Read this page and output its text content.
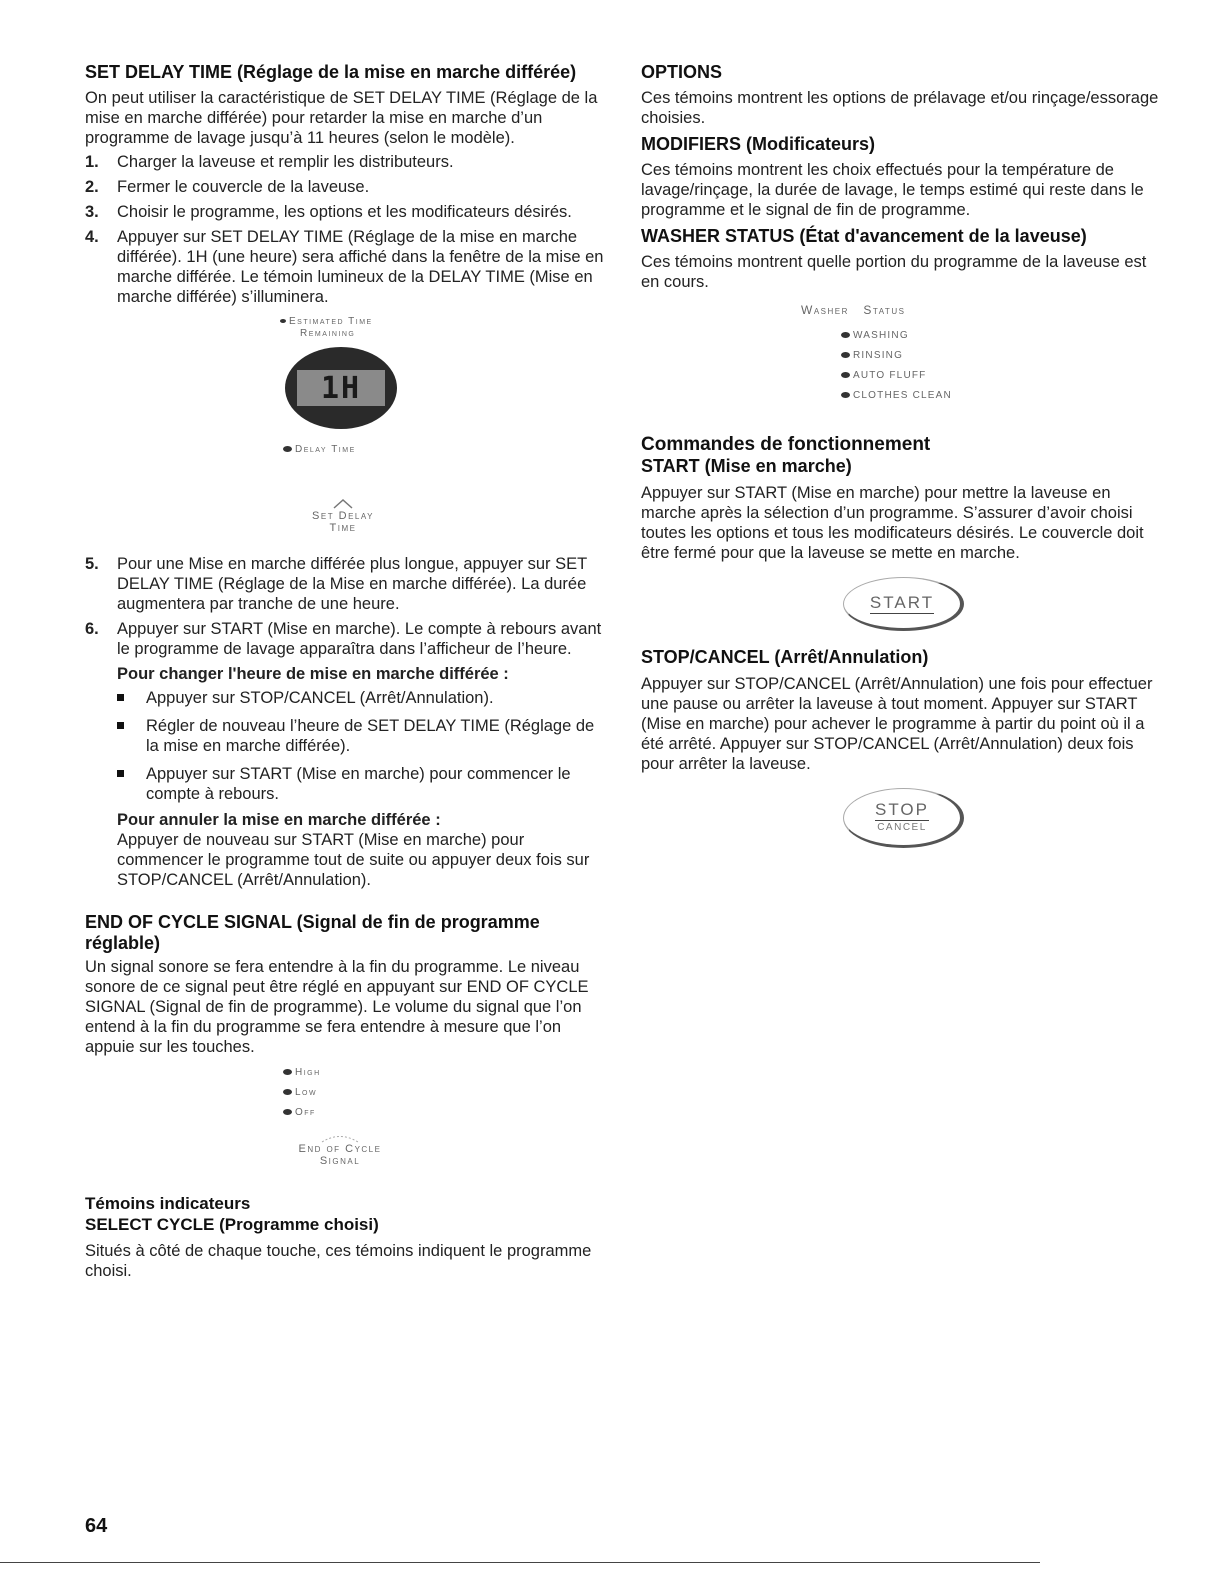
SET DELAY TIME (Réglage de la mise en marche différée)

On peut utiliser la caractéristique de SET DELAY TIME (Réglage de la mise en marche différée) pour retarder la mise en marche d’un programme de lavage jusqu’à 11 heures (selon le modèle).

1. Charger la laveuse et remplir les distributeurs.
2. Fermer le couvercle de la laveuse.
3. Choisir le programme, les options et les modificateurs désirés.
4. Appuyer sur SET DELAY TIME (Réglage de la mise en marche différée). 1H (une heure) sera affiché dans la fenêtre de la mise en marche différée. Le témoin lumineux de la DELAY TIME (Mise en marche différée) s’illuminera.
Estimated Time
Remaining
1H
Delay Time
Set Delay
Time
5. Pour une Mise en marche différée plus longue, appuyer sur SET DELAY TIME (Réglage de la Mise en marche différée). La durée augmentera par tranche de une heure.
6. Appuyer sur START (Mise en marche). Le compte à rebours avant le programme de lavage apparaîtra dans l’afficheur de l’heure.
Pour changer l'heure de mise en marche différée :
Appuyer sur STOP/CANCEL (Arrêt/Annulation).
Régler de nouveau l’heure de SET DELAY TIME (Réglage de la mise en marche différée).
Appuyer sur START (Mise en marche) pour commencer le compte à rebours.
Pour annuler la mise en marche différée :

Appuyer de nouveau sur START (Mise en marche) pour commencer le programme tout de suite ou appuyer deux fois sur STOP/CANCEL (Arrêt/Annulation).

END OF CYCLE SIGNAL (Signal de fin de programme réglable)

Un signal sonore se fera entendre à la fin du programme. Le niveau sonore de ce signal peut être réglé en appuyant sur END OF CYCLE SIGNAL (Signal de fin de programme). Le volume du signal que l’on entend à la fin du programme se fera entendre à mesure que l’on appuie sur les touches.

High
Low
Off
End of Cycle
Signal
Témoins indicateurs
SELECT CYCLE (Programme choisi)

Situés à côté de chaque touche, ces témoins indiquent le programme choisi.

OPTIONS

Ces témoins montrent les options de prélavage et/ou rinçage/essorage choisies.

MODIFIERS (Modificateurs)

Ces témoins montrent les choix effectués pour la température de lavage/rinçage, la durée de lavage, le temps estimé qui reste dans le programme et le signal de fin de programme.

WASHER STATUS (État d'avancement de la laveuse)

Ces témoins montrent quelle portion du programme de la laveuse est en cours.

Washer   Status
WASHING
RINSING
AUTO FLUFF
CLOTHES CLEAN
Commandes de fonctionnement
START (Mise en marche)

Appuyer sur START (Mise en marche) pour mettre la laveuse en marche après la sélection d’un programme. S’assurer d’avoir choisi toutes les options et tous les modificateurs désirés. Le couvercle doit être fermé pour que la laveuse se mette en marche.

START
STOP/CANCEL (Arrêt/Annulation)

Appuyer sur STOP/CANCEL (Arrêt/Annulation) une fois pour effectuer une pause ou arrêter la laveuse à tout moment. Appuyer sur START (Mise en marche) pour achever le programme à partir du point où il a été arrêté. Appuyer sur STOP/CANCEL (Arrêt/Annulation) deux fois pour arrêter la laveuse.

STOP
CANCEL
64
